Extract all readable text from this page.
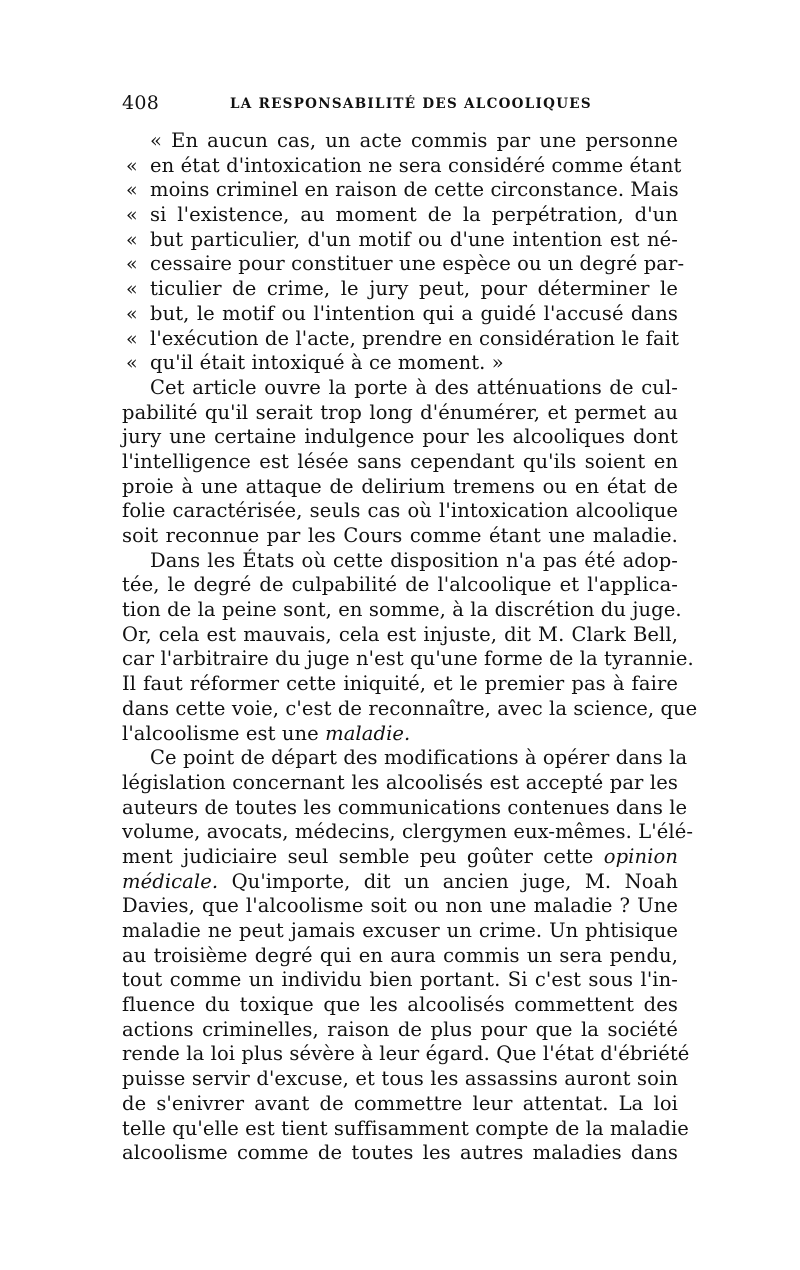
408	LA RESPONSABILITÉ DES ALCOOLIQUES
« En aucun cas, un acte commis par une personne
« en état d'intoxication ne sera considéré comme étant
« moins criminel en raison de cette circonstance. Mais
« si l'existence, au moment de la perpétration, d'un
« but particulier, d'un motif ou d'une intention est né-
« cessaire pour constituer une espèce ou un degré par-
« ticulier de crime, le jury peut, pour déterminer le
« but, le motif ou l'intention qui a guidé l'accusé dans
« l'exécution de l'acte, prendre en considération le fait
« qu'il était intoxiqué à ce moment. »
Cet article ouvre la porte à des atténuations de cul-
pabilité qu'il serait trop long d'énumérer, et permet au
jury une certaine indulgence pour les alcooliques dont
l'intelligence est lésée sans cependant qu'ils soient en
proie à une attaque de delirium tremens ou en état de
folie caractérisée, seuls cas où l'intoxication alcoolique
soit reconnue par les Cours comme étant une maladie.
Dans les États où cette disposition n'a pas été adop-
tée, le degré de culpabilité de l'alcoolique et l'applica-
tion de la peine sont, en somme, à la discrétion du juge.
Or, cela est mauvais, cela est injuste, dit M. Clark Bell,
car l'arbitraire du juge n'est qu'une forme de la tyrannie.
Il faut réformer cette iniquité, et le premier pas à faire
dans cette voie, c'est de reconnaître, avec la science, que
l'alcoolisme est une maladie.
Ce point de départ des modifications à opérer dans la
législation concernant les alcoolisés est accepté par les
auteurs de toutes les communications contenues dans le
volume, avocats, médecins, clergymen eux-mêmes. L'élé-
ment judiciaire seul semble peu goûter cette opinion
médicale. Qu'importe, dit un ancien juge, M. Noah
Davies, que l'alcoolisme soit ou non une maladie ? Une
maladie ne peut jamais excuser un crime. Un phtisique
au troisième degré qui en aura commis un sera pendu,
tout comme un individu bien portant. Si c'est sous l'in-
fluence du toxique que les alcoolisés commettent des
actions criminelles, raison de plus pour que la société
rende la loi plus sévère à leur égard. Que l'état d'ébriété
puisse servir d'excuse, et tous les assassins auront soin
de s'enivrer avant de commettre leur attentat. La loi
telle qu'elle est tient suffisamment compte de la maladie
alcoolisme comme de toutes les autres maladies dans
